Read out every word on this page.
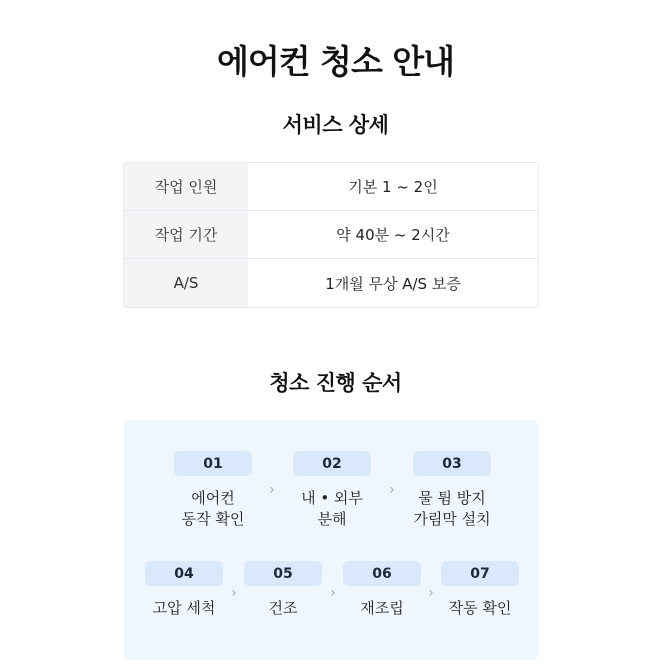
에어컨 청소 안내
서비스 상세
작업 인원	기본 1 ~ 2인
작업 기간	약 40분 ~ 2시간
A/S	1개월 무상 A/S 보증
청소 진행 순서
01
에어컨
동작 확인
›
02
내 • 외부
분해
›
03
물 튐 방지
가림막 설치
04
고압 세척
›
05
건조
›
06
재조립
›
07
작동 확인
